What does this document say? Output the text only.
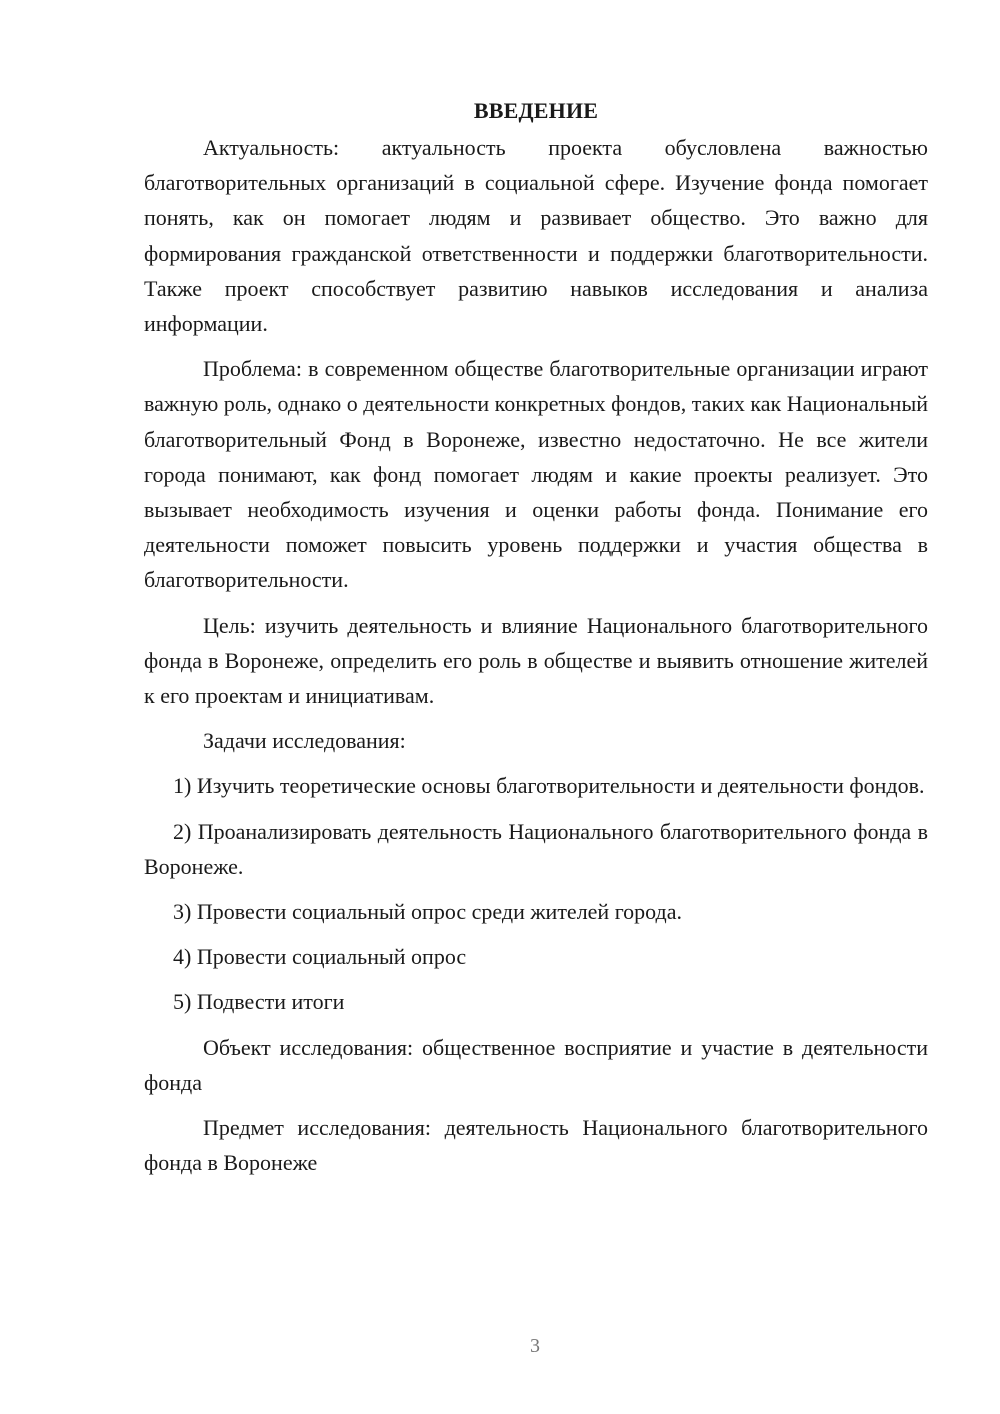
ВВЕДЕНИЕ

Актуальность: актуальность проекта обусловлена важностью благотворительных организаций в социальной сфере. Изучение фонда помогает понять, как он помогает людям и развивает общество. Это важно для формирования гражданской ответственности и поддержки благотворительности. Также проект способствует развитию навыков исследования и анализа информации.

Проблема: в современном обществе благотворительные организации играют важную роль, однако о деятельности конкретных фондов, таких как Национальный благотворительный Фонд в Воронеже, известно недостаточно. Не все жители города понимают, как фонд помогает людям и какие проекты реализует. Это вызывает необходимость изучения и оценки работы фонда. Понимание его деятельности поможет повысить уровень поддержки и участия общества в благотворительности.

Цель: изучить деятельность и влияние Национального благотворительного фонда в Воронеже, определить его роль в обществе и выявить отношение жителей к его проектам и инициативам.

Задачи исследования:

1) Изучить теоретические основы благотворительности и деятельности фондов.

2) Проанализировать деятельность Национального благотворительного фонда в Воронеже.

3) Провести социальный опрос среди жителей города.

4) Провести социальный опрос

5) Подвести итоги

Объект исследования: общественное восприятие и участие в деятельности фонда

Предмет исследования: деятельность Национального благотворительного фонда в Воронеже

3
